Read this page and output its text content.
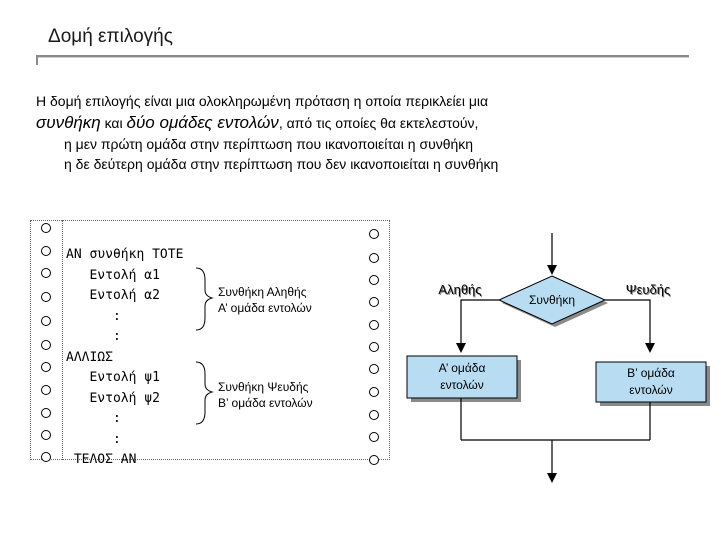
Δομή επιλογής
Η δομή επιλογής είναι μια ολοκληρωμένη πρόταση η οποία περικλείει μια
συνθήκη και δύο ομάδες εντολών, από τις οποίες θα εκτελεστούν,
η μεν πρώτη ομάδα στην περίπτωση που ικανοποιείται η συνθήκη
η δε δεύτερη ομάδα στην περίπτωση που δεν ικανοποιείται η συνθήκη
ΑΝ συνθήκη ΤΟΤΕ
Εντολή α1
Εντολή α2
:
:
ΑΛΛΙΩΣ
Εντολή ψ1
Εντολή ψ2
:
:
ΤΕΛΟΣ ΑΝ
Συνθήκη Αληθής
Α’ ομάδα εντολών
Συνθήκη Ψευδής
Β’ ομάδα εντολών
Συνθήκη
Αληθής	Ψευδής
Α’ ομάδα
εντολών
Β’ ομάδα
εντολών
